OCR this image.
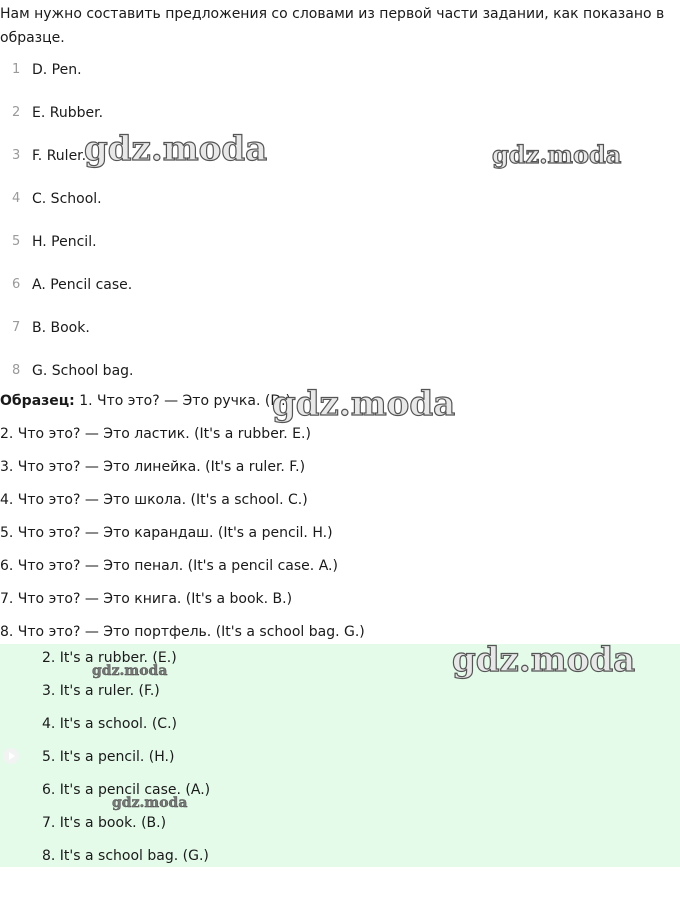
Нам нужно составить предложения со словами из первой части задании, как показано в образце.

1 D. Pen.
2 E. Rubber.
3 F. Ruler.
4 C. School.
5 H. Pencil.
6 A. Pencil case.
7 B. Book.
8 G. School bag.
Образец: 1. Что это? — Это ручка. (D.)
2. Что это? — Это ластик. (It's a rubber. E.)
3. Что это? — Это линейка. (It's a ruler. F.)
4. Что это? — Это школа. (It's a school. C.)
5. Что это? — Это карандаш. (It's a pencil. H.)
6. Что это? — Это пенал. (It's a pencil case. A.)
7. Что это? — Это книга. (It's a book. B.)
8. Что это? — Это портфель. (It's a school bag. G.)
2. It's a rubber. (E.)
3. It's a ruler. (F.)
4. It's a school. (C.)
5. It's a pencil. (H.)
6. It's a pencil case. (A.)
7. It's a book. (B.)
8. It's a school bag. (G.)
gdz.moda	gdz.moda
gdz.moda
gdz.moda
gdz.moda
gdz.moda
